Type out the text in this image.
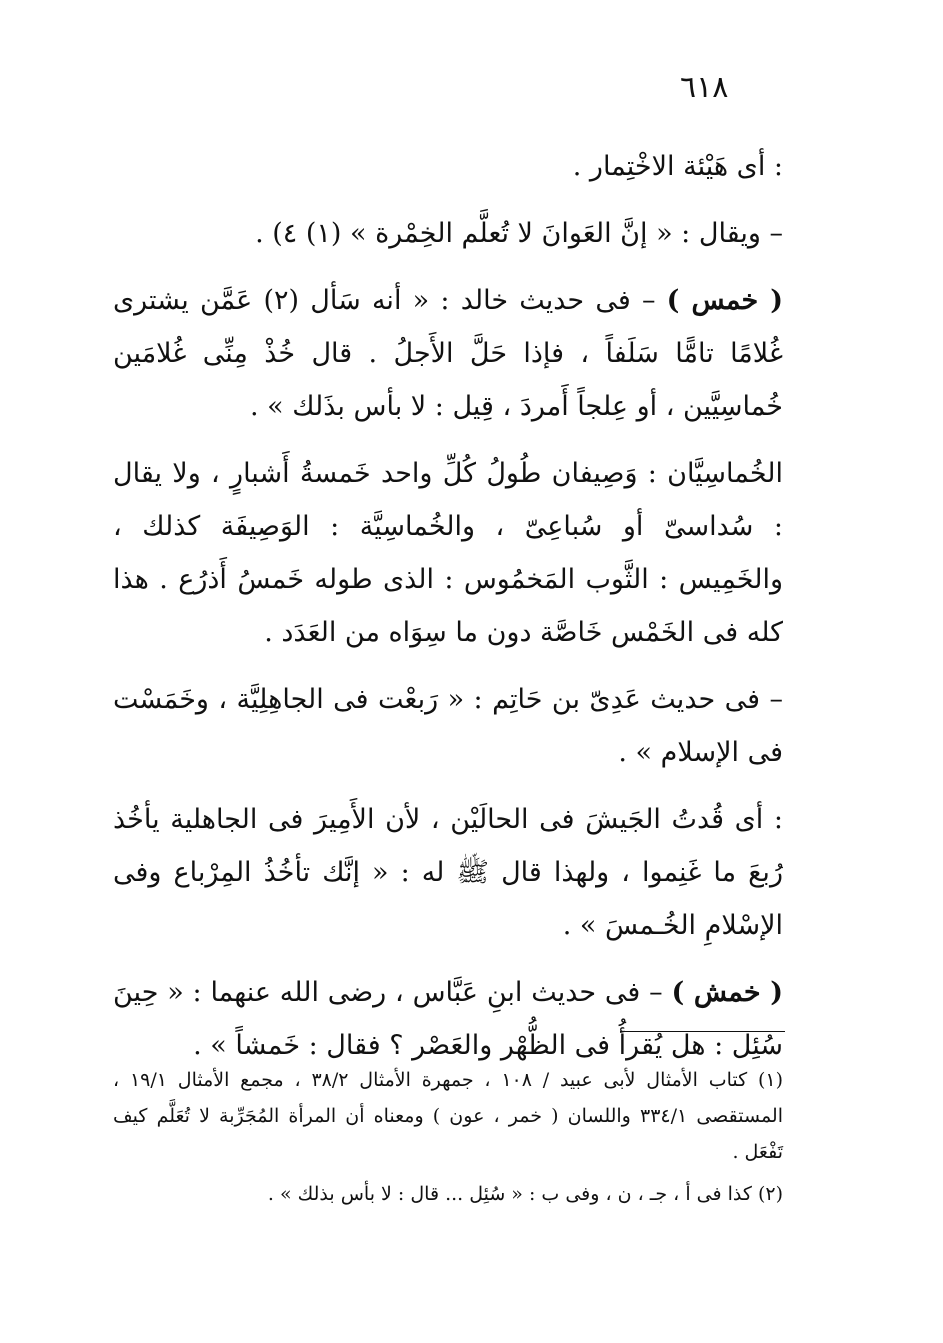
٦١٨

: أى هَيْئة الاخْتِمار .

– ويقال : « إنَّ العَوانَ لا تُعلَّم الخِمْرة » (١) ٤) .

( خمس ) – فى حديث خالد : « أنه سَأل (٢) عَمَّن يشترى غُلامًا تامًّا سَلَفاً ، فإذا حَلَّ الأَجلُ . قال خُذْ مِنِّى غُلامَين خُماسِيَّين ، أو عِلجاً أَمردَ ، قِيل : لا بأس بذَلك » .

الخُماسِيَّان : وَصِيفان طُولُ كُلِّ واحد خَمسةُ أَشبارٍ ، ولا يقال : سُداسىّ أو سُباعِىّ ، والخُماسِيَّة : الوَصِيفَة كذلك ، والخَمِيس : الثَّوب المَخمُوس : الذى طوله خَمسُ أَذرُع . هذا كله فى الخَمْس خَاصَّة دون ما سِوَاه من العَدَد .

– فى حديث عَدِىّ بن حَاتِم : « رَبعْت فى الجاهِلِيَّة ، وخَمَسْت فى الإسلام » .

: أى قُدتُ الجَيشَ فى الحالَيْن ، لأن الأَمِيرَ فى الجاهلية يأخُذ رُبعَ ما غَنِموا ، ولهذا قال ﷺ له : « إنَّك تأخُذُ المِرْباع وفى الإسْلامِ الخُـمسَ » .

( خمش ) – فى حديث ابنِ عَبَّاس ، رضى الله عنهما : « حِينَ سُئِل : هل يُقرأُ فى الظُّهْر والعَصْر ؟ فقال : خَمشاً » .

(١) كتاب الأمثال لأبى عبيد / ١٠٨ ، جمهرة الأمثال ٣٨/٢ ، مجمع الأمثال ١٩/١ ، المستقصى ٣٣٤/١ واللسان ( خمر ، عون ) ومعناه أن المرأة المُجَرِّبة لا تُعَلَّم كيف تَفْعَل .

(٢) كذا فى أ ، جـ ، ن ، وفى ب : « سُئِل ... قال : لا بأس بذلك » .
